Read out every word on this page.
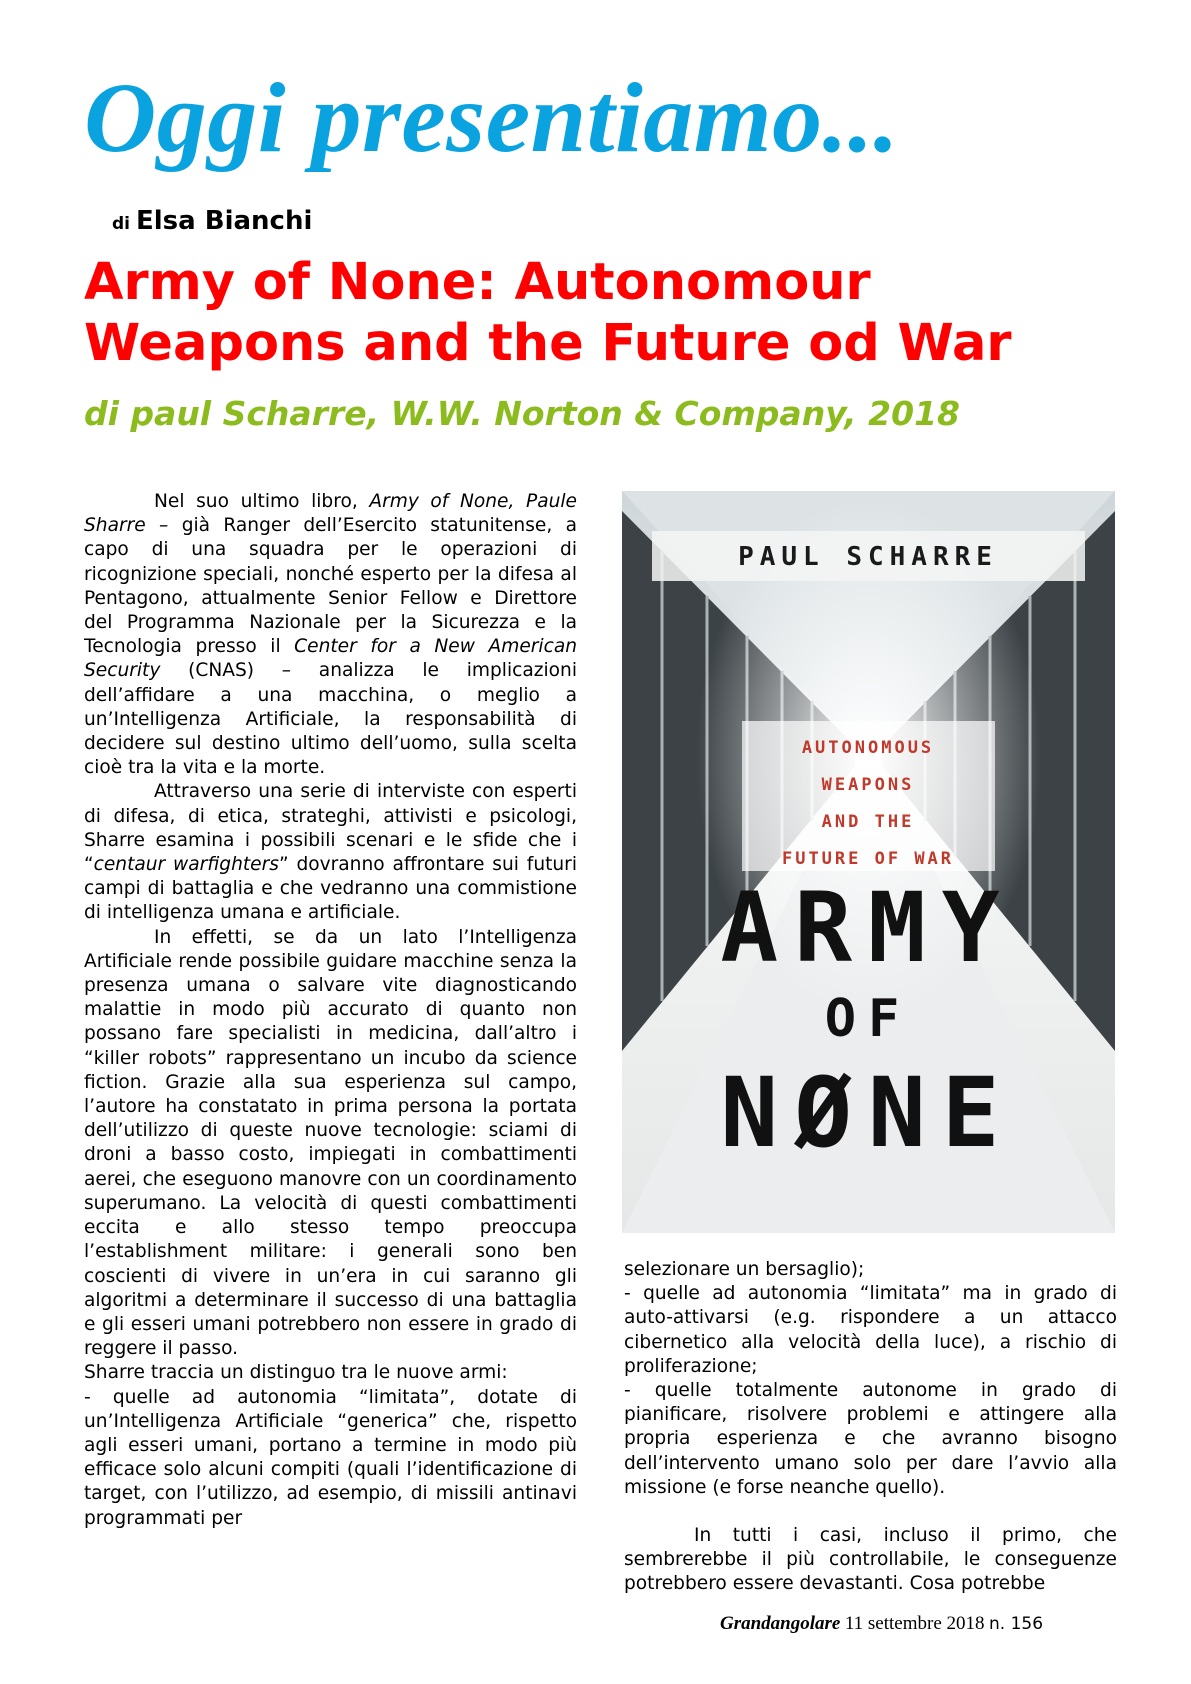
Oggi presentiamo...
di Elsa Bianchi
Army of None: Autonomour Weapons and the Future od War
di paul Scharre, W.W. Norton & Company, 2018

Nel suo ultimo libro, Army of None, Paule Sharre – già Ranger dell’Esercito statunitense, a capo di una squadra per le operazioni di ricognizione speciali, nonché esperto per la difesa al Pentagono, attualmente Senior Fellow e Direttore del Programma Nazionale per la Sicurezza e la Tecnologia presso il Center for a New American Security (CNAS) – analizza le implicazioni dell’affidare a una macchina, o meglio a un’Intelligenza Artificiale, la responsabilità di decidere sul destino ultimo dell’uomo, sulla scelta cioè tra la vita e la morte.

Attraverso una serie di interviste con esperti di difesa, di etica, strateghi, attivisti e psicologi, Sharre esamina i possibili scenari e le sfide che i “centaur warfighters” dovranno affrontare sui futuri campi di battaglia e che vedranno una commistione di intelligenza umana e artificiale.

In effetti, se da un lato l’Intelligenza Artificiale rende possibile guidare macchine senza la presenza umana o salvare vite diagnosticando malattie in modo più accurato di quanto non possano fare specialisti in medicina, dall’altro i “killer robots” rappresentano un incubo da science fiction. Grazie alla sua esperienza sul campo, l’autore ha constatato in prima persona la portata dell’utilizzo di queste nuove tecnologie: sciami di droni a basso costo, impiegati in combattimenti aerei, che eseguono manovre con un coordinamento superumano. La velocità di questi combattimenti eccita e allo stesso tempo preoccupa l’establishment militare: i generali sono ben coscienti di vivere in un’era in cui saranno gli algoritmi a determinare il successo di una battaglia e gli esseri umani potrebbero non essere in grado di reggere il passo.

Sharre traccia un distinguo tra le nuove armi:

- quelle ad autonomia “limitata”, dotate di un’Intelligenza Artificiale “generica” che, rispetto agli esseri umani, portano a termine in modo più efficace solo alcuni compiti (quali l’identificazione di target, con l’utilizzo, ad esempio, di missili antinavi programmati per

PAUL SCHARRE
AUTONOMOUS
WEAPONS
AND THE
FUTURE OF WAR
ARMY
OF
NØNE

selezionare un bersaglio);

- quelle ad autonomia “limitata” ma in grado di auto-attivarsi (e.g. rispondere a un attacco cibernetico alla velocità della luce), a rischio di proliferazione;

- quelle totalmente autonome in grado di pianificare, risolvere problemi e attingere alla propria esperienza e che avranno bisogno dell’intervento umano solo per dare l’avvio alla missione (e forse neanche quello).

In tutti i casi, incluso il primo, che sembrerebbe il più controllabile, le conseguenze potrebbero essere devastanti. Cosa potrebbe

Grandangolare 11 settembre 2018 n. 156
